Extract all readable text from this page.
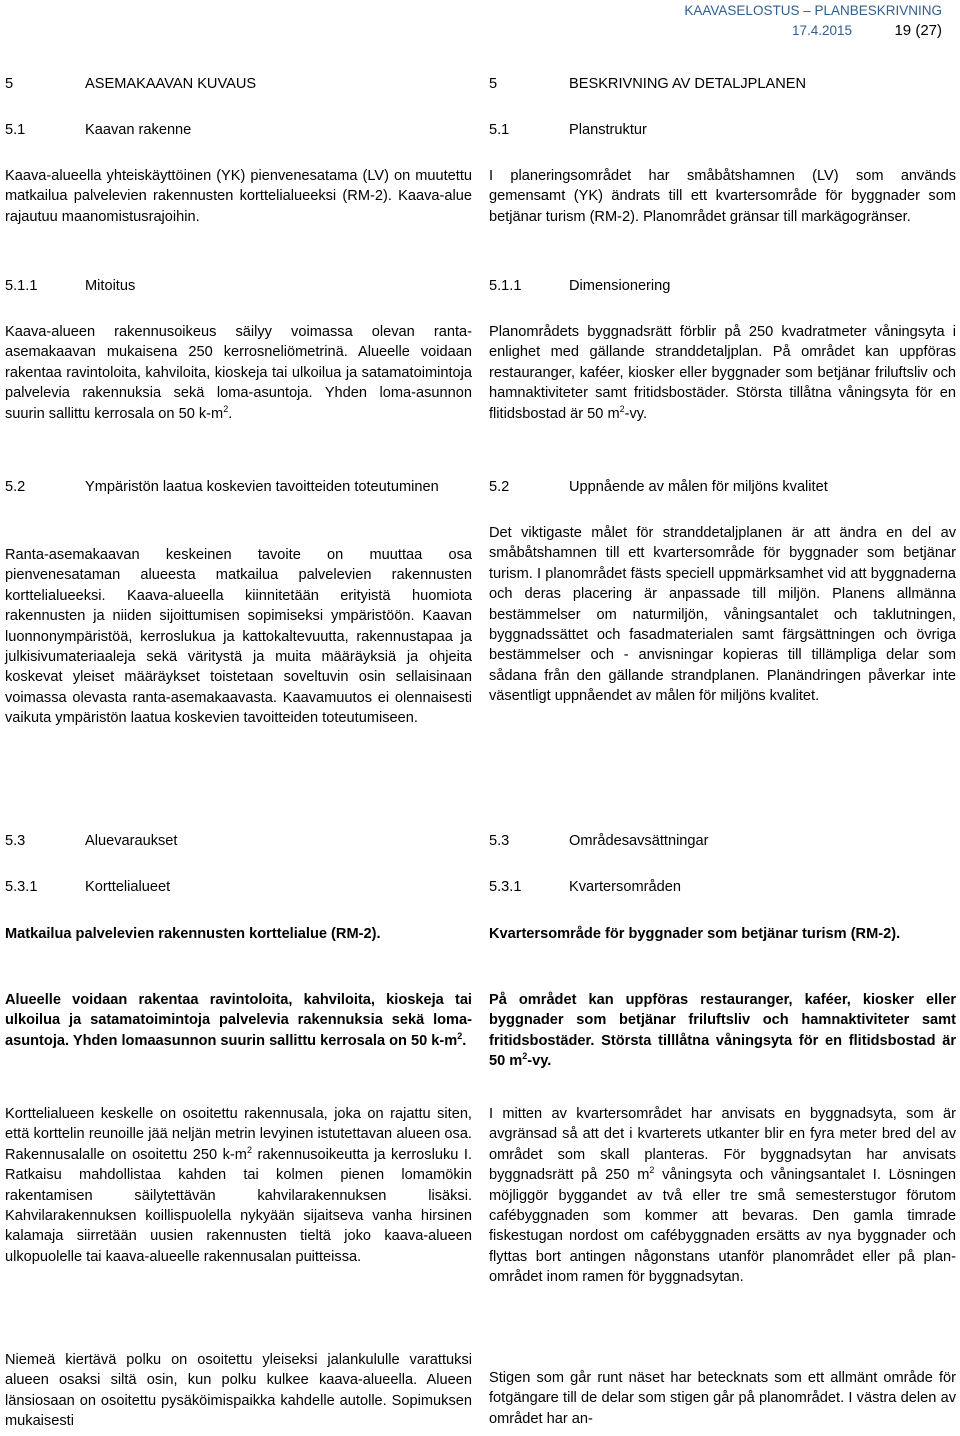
KAAVASELOSTUS – PLANBESKRIVNING
17.4.2015	19 (27)
5	ASEMAKAAVAN KUVAUS
5.1	Kaavan rakenne

Kaava-alueella yhteiskäyttöinen (YK) pienvenesatama (LV) on muutettu matkailua palvelevien rakennusten korttelialueeksi (RM-2). Kaava-alue rajautuu maanomistusrajoihin.

5.1.1	Mitoitus

Kaava-alueen rakennusoikeus säilyy voimassa olevan ranta-asemakaavan mukaisena 250 kerrosneliömetrinä. Alueelle voidaan rakentaa ravintoloita, kahviloita, kioskeja tai ulkoilua ja satamatoimintoja palvelevia rakennuksia sekä loma-asuntoja. Yhden loma-asunnon suurin sallittu kerrosala on 50 $k-m^2$.

5.2	Ympäristön laatua koskevien tavoitteiden toteutuminen

Ranta-asemakaavan keskeinen tavoite on muuttaa osa pienvenesataman alueesta matkailua palvelevien rakennusten korttelialueeksi. Kaava-alueella kiinnitetään erityistä huomiota rakennusten ja niiden sijoittumisen sopimiseksi ympäristöön. Kaavan luonnonympäristöä, kerroslukua ja kattokaltevuutta, rakennustapaa ja julkisivumateriaaleja sekä väritystä ja muita määräyksiä ja ohjeita koskevat yleiset määräykset toistetaan soveltuvin osin sellaisinaan voimassa olevasta ranta-asemakaavasta. Kaavamuutos ei olennaisesti vaikuta ympäristön laatua koskevien tavoitteiden toteutumiseen.

5.3	Aluevaraukset
5.3.1	Korttelialueet

Matkailua palvelevien rakennusten korttelialue (RM-2).

Alueelle voidaan rakentaa ravintoloita, kahviloita, kioskeja tai ulkoilua ja satamatoimintoja palvelevia rakennuksia sekä loma-asuntoja. Yhden lomaasunnon suurin sallittu kerrosala on 50 $k-m^2$.

Korttelialueen keskelle on osoitettu rakennusala, joka on rajattu siten, että korttelin reunoille jää neljän metrin levyinen istutettavan alueen osa. Rakennusalalle on osoitettu 250 $k-m^2$ rakennusoikeutta ja kerrosluku I. Ratkaisu mahdollistaa kahden tai kolmen pienen lomamökin rakentamisen säilytettävän kahvilarakennuksen lisäksi. Kahvilarakennuksen koillispuolella nykyään sijaitseva vanha hirsinen kalamaja siirretään uusien rakennusten tieltä joko kaava-alueen ulkopuolelle tai kaava-alueelle rakennusalan puitteissa.

Niemeä kiertävä polku on osoitettu yleiseksi jalankululle varattuksi alueen osaksi siltä osin, kun polku kulkee kaava-alueella. Alueen länsiosaan on osoitettu pysäköimispaikka kahdelle autolle. Sopimuksen mukaisesti

5	BESKRIVNING AV DETALJPLANEN
5.1	Planstruktur

I planeringsområdet har småbåtshamnen (LV) som används gemensamt (YK) ändrats till ett kvartersområde för byggnader som betjänar turism (RM-2). Planområdet gränsar till markägogränser.

5.1.1	Dimensionering

Planområdets byggnadsrätt förblir på 250 kvadratmeter våningsyta i enlighet med gällande stranddetaljplan. På området kan uppföras restauranger, kaféer, kiosker eller byggnader som betjänar friluftsliv och hamnaktiviteter samt fritidsbostäder. Största tillåtna våningsyta för en flitidsbostad är 50 $m^2-vy$.

5.2	Uppnående av målen för miljöns kvalitet

Det viktigaste målet för stranddetaljplanen är att ändra en del av småbåtshamnen till ett kvartersområde för byggnader som betjänar turism. I planområdet fästs speciell uppmärksamhet vid att byggnaderna och deras placering är anpassade till miljön. Planens allmänna bestämmelser om naturmiljön, våningsantalet och taklutningen, byggnadssättet och fasadmaterialen samt färgsättningen och övriga bestämmelser och - anvisningar kopieras till tillämpliga delar som sådana från den gällande strandplanen. Planändringen påverkar inte väsentligt uppnåendet av målen för miljöns kvalitet.

5.3	Områdesavsättningar
5.3.1	Kvartersområden

Kvartersområde för byggnader som betjänar turism (RM-2).

På området kan uppföras restauranger, kaféer, kiosker eller byggnader som betjänar friluftsliv och hamnaktiviteter samt fritidsbostäder. Största tilllåtna våningsyta för en flitidsbostad är 50 $m^2-vy$.

I mitten av kvartersområdet har anvisats en byggnadsyta, som är avgränsad så att det i kvarterets utkanter blir en fyra meter bred del av området som skall planteras. För byggnadsytan har anvisats byggnadsrätt på 250 $m^2$ våningsyta och våningsantalet I. Lösningen möjliggör byggandet av två eller tre små semesterstugor förutom cafébyggnaden som kommer att bevaras. Den gamla timrade fiskestugan nordost om cafébyggnaden ersätts av nya byggnader och flyttas bort antingen någonstans utanför planområdet eller på planområdet inom ramen för byggnadsytan.

Stigen som går runt näset har betecknats som ett allmänt område för fotgängare till de delar som stigen går på planområdet. I västra delen av området har an-
